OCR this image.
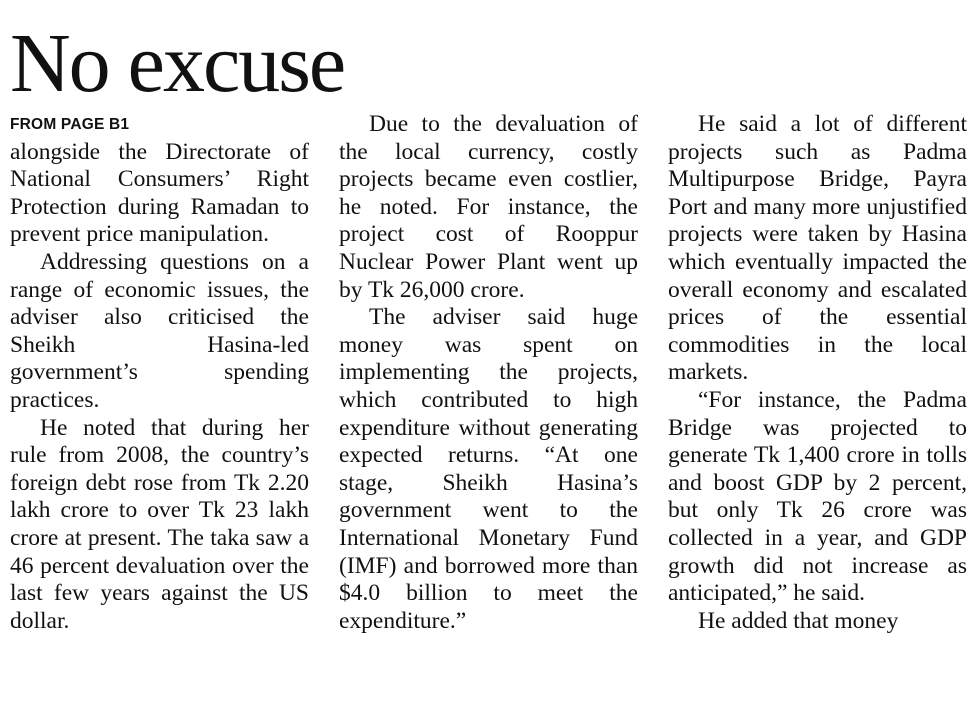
No excuse
FROM PAGE B1

alongside the Directorate of National Consumers’ Right Protection during Ramadan to prevent price manipulation.

Addressing questions on a range of economic issues, the adviser also criticised the Sheikh Hasina-led government’s spending practices.

He noted that during her rule from 2008, the country’s foreign debt rose from Tk 2.20 lakh crore to over Tk 23 lakh crore at present. The taka saw a 46 percent devaluation over the last few years against the US dollar.

Due to the devaluation of the local currency, costly projects became even costlier, he noted. For instance, the project cost of Rooppur Nuclear Power Plant went up by Tk 26,000 crore.

The adviser said huge money was spent on implementing the projects, which contributed to high expenditure without generating expected returns. “At one stage, Sheikh Hasina’s government went to the International Monetary Fund (IMF) and borrowed more than $4.0 billion to meet the expenditure.”

He said a lot of different projects such as Padma Multipurpose Bridge, Payra Port and many more unjustified projects were taken by Hasina which eventually impacted the overall economy and escalated prices of the essential commodities in the local markets.

“For instance, the Padma Bridge was projected to generate Tk 1,400 crore in tolls and boost GDP by 2 percent, but only Tk 26 crore was collected in a year, and GDP growth did not increase as anticipated,” he said.

He added that money
